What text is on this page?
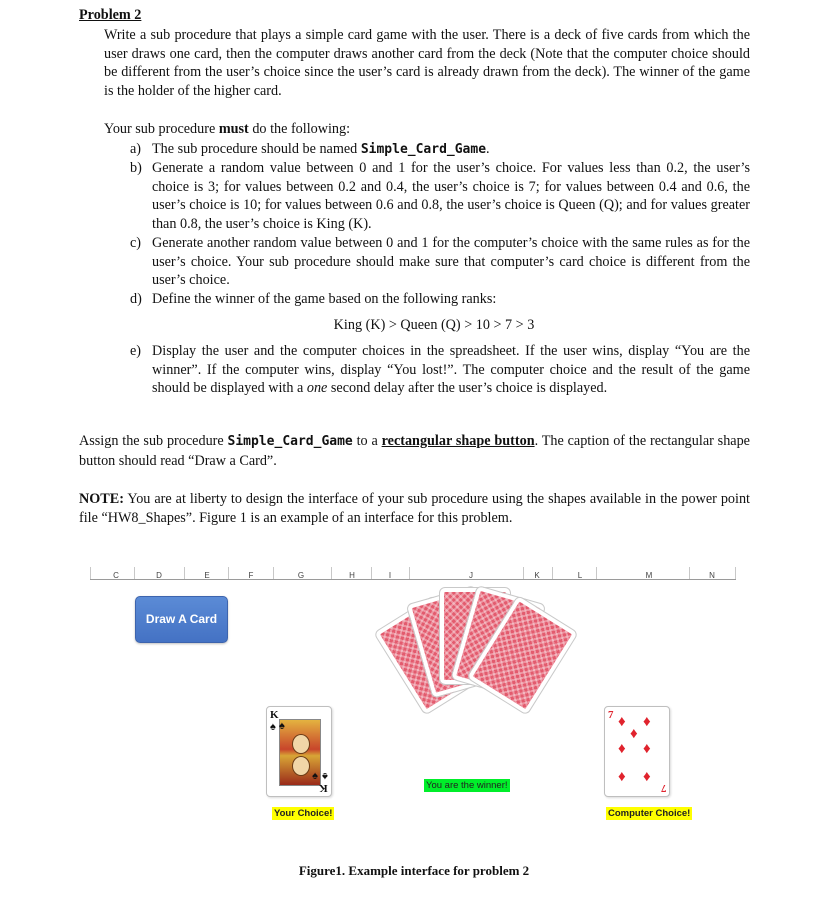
Problem 2
Write a sub procedure that plays a simple card game with the user. There is a deck of five cards from which the user draws one card, then the computer draws another card from the deck (Note that the computer choice should be different from the user’s choice since the user’s card is already drawn from the deck). The winner of the game is the holder of the higher card.
Your sub procedure must do the following:
a) The sub procedure should be named Simple_Card_Game.
b) Generate a random value between 0 and 1 for the user’s choice. For values less than 0.2, the user’s choice is 3; for values between 0.2 and 0.4, the user’s choice is 7; for values between 0.4 and 0.6, the user’s choice is 10; for values between 0.6 and 0.8, the user’s choice is Queen (Q); and for values greater than 0.8, the user’s choice is King (K).
c) Generate another random value between 0 and 1 for the computer’s choice with the same rules as for the user’s choice. Your sub procedure should make sure that computer’s card choice is different from the user’s choice.
d) Define the winner of the game based on the following ranks:
King (K) > Queen (Q) > 10 > 7 > 3
e) Display the user and the computer choices in the spreadsheet. If the user wins, display “You are the winner”. If the computer wins, display “You lost!”. The computer choice and the result of the game should be displayed with a one second delay after the user’s choice is displayed.
Assign the sub procedure Simple_Card_Game to a rectangular shape button. The caption of the rectangular shape button should read “Draw a Card”.
NOTE: You are at liberty to design the interface of your sub procedure using the shapes available in the power point file “HW8_Shapes”. Figure 1 is an example of an interface for this problem.
C	D	E	F	G	H	I	J	K	L	M	N
Draw A Card
K
♠ ♠
♠ ♠
K
7 ♦ ♦
♦
♦ ♦
♦ ♦
7
You are the winner!
Your Choice!	Computer Choice!
Figure1. Example interface for problem 2
